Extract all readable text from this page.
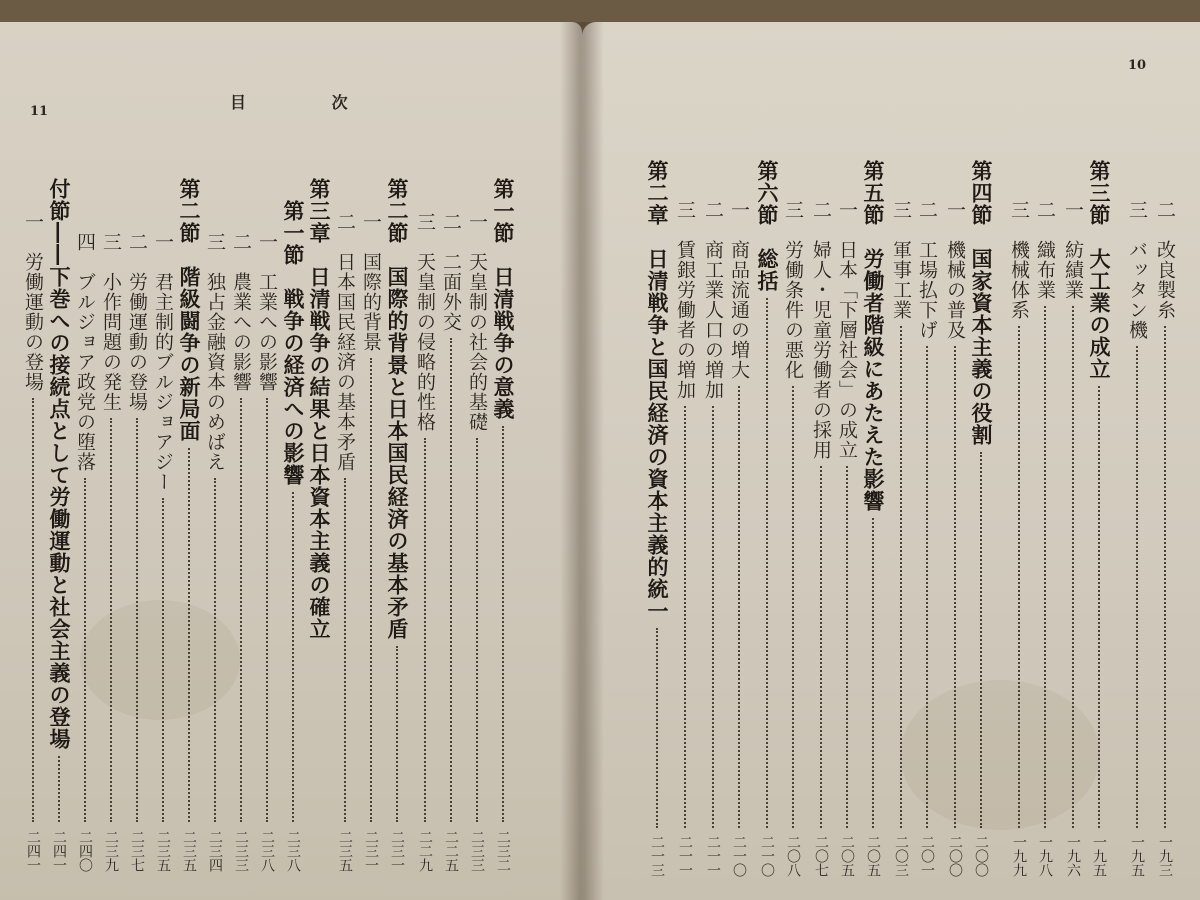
11	目 次
10
第一節　日清戦争の意義
二三二
一　天皇制の社会的基礎
二三三
二　二面外交
二二五
三　天皇制の侵略的性格
二二九
第二節　国際的背景と日本国民経済の基本矛盾
二三一
一　国際的背景
二三一
二　日本国民経済の基本矛盾
二三五
第三章　日清戦争の結果と日本資本主義の確立
第一節　戦争の経済への影響
二三八
一　工業への影響
二三八
二　農業への影響
二三三
三　独占金融資本のめばえ
二三四
第二節　階級闘争の新局面
二三五
一　君主制的ブルジョアジー
二三五
二　労働運動の登場
二三七
三　小作問題の発生
二三九
四　ブルジョア政党の堕落
二四〇
付節――下巻への接続点として労働運動と社会主義の登場
二四一
一　労働運動の登場
二四一
二　改良製糸
一九三
三　バッタン機
一九五
第三節　大工業の成立
一九五
一　紡績業
一九六
二　織布業
一九八
三　機械体系
一九九
第四節　国家資本主義の役割
二〇〇
一　機械の普及
二〇〇
二　工場払下げ
二〇一
三　軍事工業
二〇三
第五節　労働者階級にあたえた影響
二〇五
一　日本「下層社会」の成立
二〇五
二　婦人・児童労働者の採用
二〇七
三　労働条件の悪化
二〇八
第六節　総括
二一〇
一　商品流通の増大
二一〇
二　商工業人口の増加
二一一
三　賃銀労働者の増加
二一一
第二章　日清戦争と国民経済の資本主義的統一
二一三
